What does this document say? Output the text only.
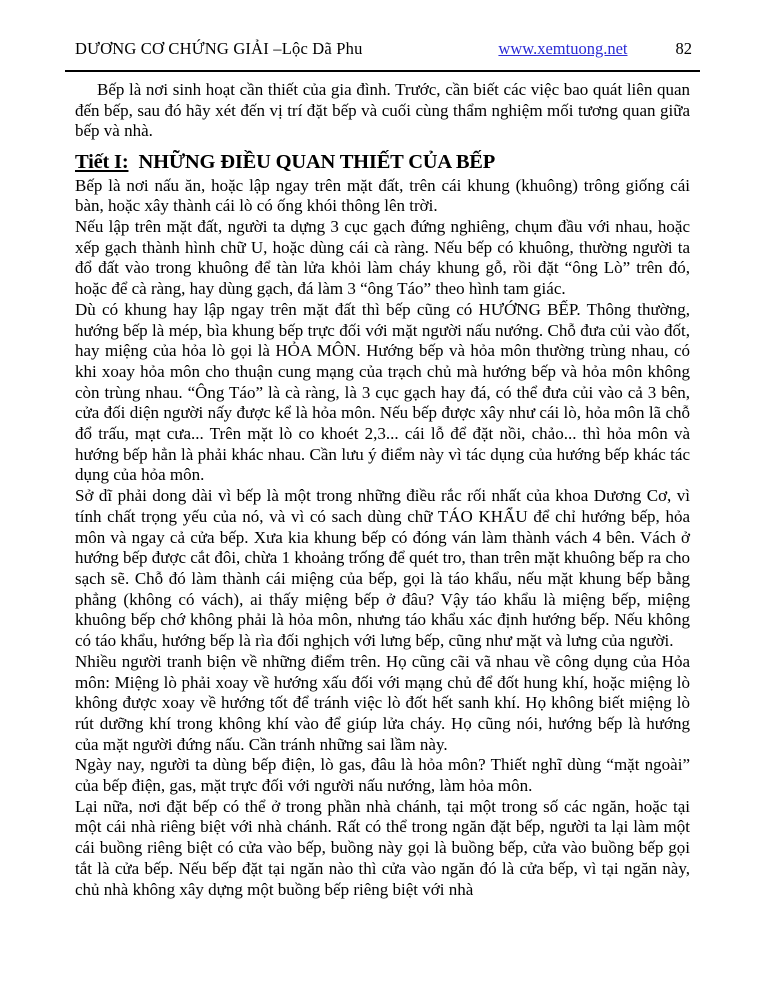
DƯƠNG CƠ CHỨNG GIẢI –Lộc Dã Phu	www.xemtuong.net	82

Bếp là nơi sinh hoạt cần thiết của gia đình. Trước, cần biết các việc bao quát liên quan đến bếp, sau đó hãy xét đến vị trí đặt bếp và cuối cùng thẩm nghiệm mối tương quan giữa bếp và nhà.

Tiết I: NHỮNG ĐIỀU QUAN THIẾT CỦA BẾP

Bếp là nơi nấu ăn, hoặc lập ngay trên mặt đất, trên cái khung (khuông) trông giống cái bàn, hoặc xây thành cái lò có ống khói thông lên trời.

Nếu lập trên mặt đất, người ta dựng 3 cục gạch đứng nghiêng, chụm đầu với nhau, hoặc xếp gạch thành hình chữ U, hoặc dùng cái cà ràng. Nếu bếp có khuông, thường người ta đổ đất vào trong khuông để tàn lửa khỏi làm cháy khung gỗ, rồi đặt “ông Lò” trên đó, hoặc để cà ràng, hay dùng gạch, đá làm 3 “ông Táo” theo hình tam giác.

Dù có khung hay lập ngay trên mặt đất thì bếp cũng có HƯỚNG BẾP. Thông thường, hướng bếp là mép, bìa khung bếp trực đối với mặt người nấu nướng. Chỗ đưa củi vào đốt, hay miệng của hỏa lò gọi là HỎA MÔN. Hướng bếp và hỏa môn thường trùng nhau, có khi xoay hỏa môn cho thuận cung mạng của trạch chủ mà hướng bếp và hỏa môn không còn trùng nhau. “Ông Táo” là cà ràng, là 3 cục gạch hay đá, có thể đưa củi vào cả 3 bên, cửa đối diện người nấy được kể là hỏa môn. Nếu bếp được xây như cái lò, hỏa môn lã chỗ đổ trấu, mạt cưa... Trên mặt lò co khoét 2,3... cái lỗ để đặt nồi, chảo... thì hỏa môn và hướng bếp hẳn là phải khác nhau. Cần lưu ý điểm này vì tác dụng của hướng bếp khác tác dụng của hỏa môn.

Sở dĩ phải dong dài vì bếp là một trong những điều rắc rối nhất của khoa Dương Cơ, vì tính chất trọng yếu của nó, và vì có sach dùng chữ TÁO KHẨU để chỉ hướng bếp, hỏa môn và ngay cả cửa bếp. Xưa kia khung bếp có đóng ván làm thành vách 4 bên. Vách ở hướng bếp được cắt đôi, chừa 1 khoảng trống để quét tro, than trên mặt khuông bếp ra cho sạch sẽ. Chỗ đó làm thành cái miệng của bếp, gọi là táo khẩu, nếu mặt khung bếp bằng phẳng (không có vách), ai thấy miệng bếp ở đâu? Vậy táo khẩu là miệng bếp, miệng khuông bếp chớ không phải là hỏa môn, nhưng táo khẩu xác định hướng bếp. Nếu không có táo khẩu, hướng bếp là rìa đối nghịch với lưng bếp, cũng như mặt và lưng của người.

Nhiều người tranh biện về những điểm trên. Họ cũng cãi vã nhau về công dụng của Hỏa môn: Miệng lò phải xoay về hướng xấu đối với mạng chủ để đốt hung khí, hoặc miệng lò không được xoay về hướng tốt để tránh việc lò đốt hết sanh khí. Họ không biết miệng lò rút dưỡng khí trong không khí vào để giúp lửa cháy. Họ cũng nói, hướng bếp là hướng của mặt người đứng nấu. Cần tránh những sai lầm này.

Ngày nay, người ta dùng bếp điện, lò gas, đâu là hỏa môn? Thiết nghĩ dùng “mặt ngoài” của bếp điện, gas, mặt trực đối với người nấu nướng, làm hỏa môn.

Lại nữa, nơi đặt bếp có thể ở trong phần nhà chánh, tại một trong số các ngăn, hoặc tại một cái nhà riêng biệt với nhà chánh. Rất có thể trong ngăn đặt bếp, người ta lại làm một cái buồng riêng biệt có cửa vào bếp, buồng này gọi là buồng bếp, cửa vào buồng bếp gọi tắt là cửa bếp. Nếu bếp đặt tại ngăn nào thì cửa vào ngăn đó là cửa bếp, vì tại ngăn này, chủ nhà không xây dựng một buồng bếp riêng biệt với nhà
